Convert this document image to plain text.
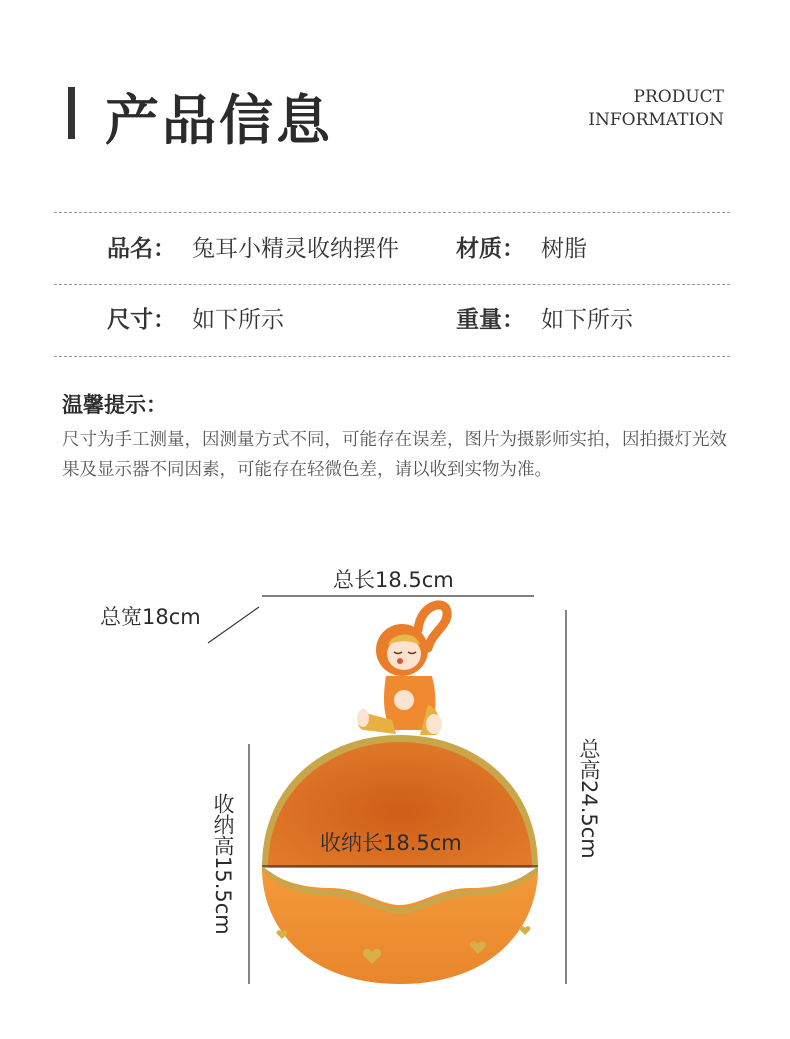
产品信息	PRODUCT
INFORMATION
品名： 兔耳小精灵收纳摆件 材质： 树脂
尺寸： 如下所示	重量： 如下所示
温馨提示：
尺寸为手工测量，因测量方式不同，可能存在误差，图片为摄影师实拍，因拍摄灯光效果及显示器不同因素，可能存在轻微色差，请以收到实物为准。
总长18.5cm
总宽18cm
总高24.5cm
收纳高15.5cm	收纳长18.5cm
